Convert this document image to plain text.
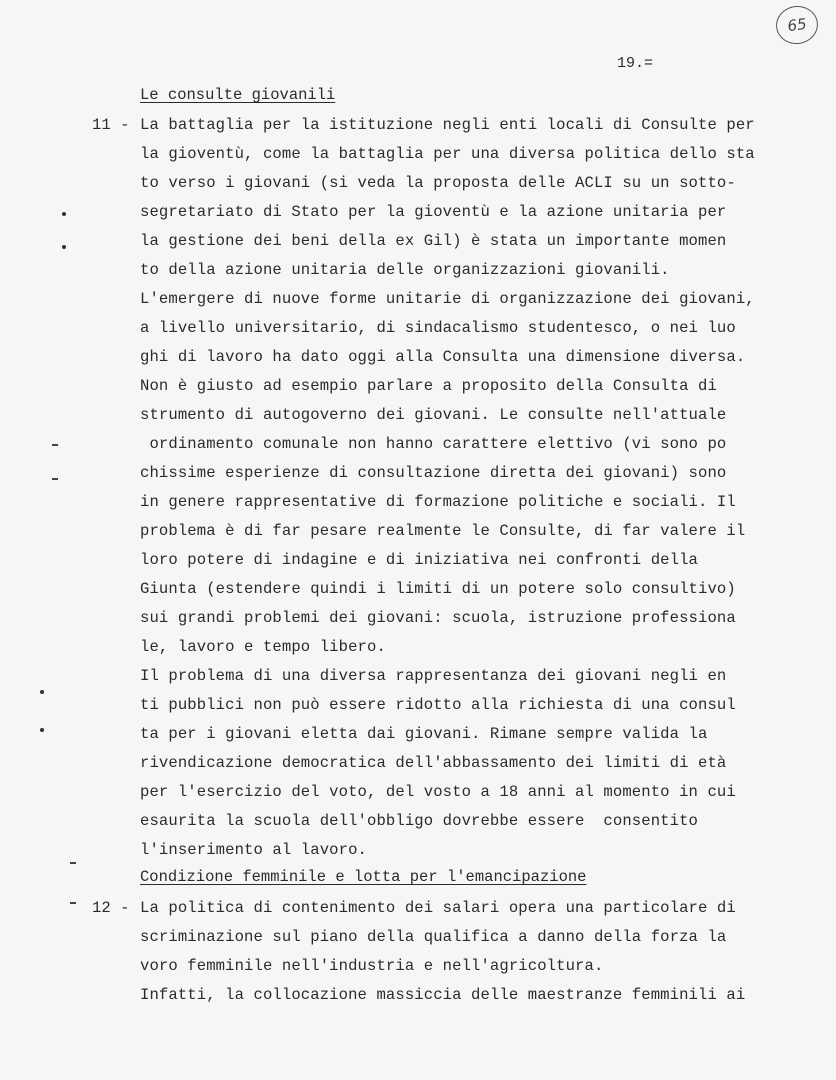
65
19.=
Le consulte giovanili
11 - La battaglia per la istituzione negli enti locali di Consulte per
la gioventù, come la battaglia per una diversa politica dello sta
to verso i giovani (si veda la proposta delle ACLI su un sotto-
segretariato di Stato per la gioventù e la azione unitaria per
la gestione dei beni della ex Gil) è stata un importante momen
to della azione unitaria delle organizzazioni giovanili.
L'emergere di nuove forme unitarie di organizzazione dei giovani,
a livello universitario, di sindacalismo studentesco, o nei luo
ghi di lavoro ha dato oggi alla Consulta una dimensione diversa.
Non è giusto ad esempio parlare a proposito della Consulta di
strumento di autogoverno dei giovani. Le consulte nell'attuale
ordinamento comunale non hanno carattere elettivo (vi sono po
chissime esperienze di consultazione diretta dei giovani) sono
in genere rappresentative di formazione politiche e sociali. Il
problema è di far pesare realmente le Consulte, di far valere il
loro potere di indagine e di iniziativa nei confronti della
Giunta (estendere quindi i limiti di un potere solo consultivo)
sui grandi problemi dei giovani: scuola, istruzione professiona
le, lavoro e tempo libero.
Il problema di una diversa rappresentanza dei giovani negli en
ti pubblici non può essere ridotto alla richiesta di una consul
ta per i giovani eletta dai giovani. Rimane sempre valida la
rivendicazione democratica dell'abbassamento dei limiti di età
per l'esercizio del voto, del vosto a 18 anni al momento in cui
esaurita la scuola dell'obbligo dovrebbe essere  consentito
l'inserimento al lavoro.
Condizione femminile e lotta per l'emancipazione
12 - La politica di contenimento dei salari opera una particolare di
scriminazione sul piano della qualifica a danno della forza la
voro femminile nell'industria e nell'agricoltura.
Infatti, la collocazione massiccia delle maestranze femminili ai
